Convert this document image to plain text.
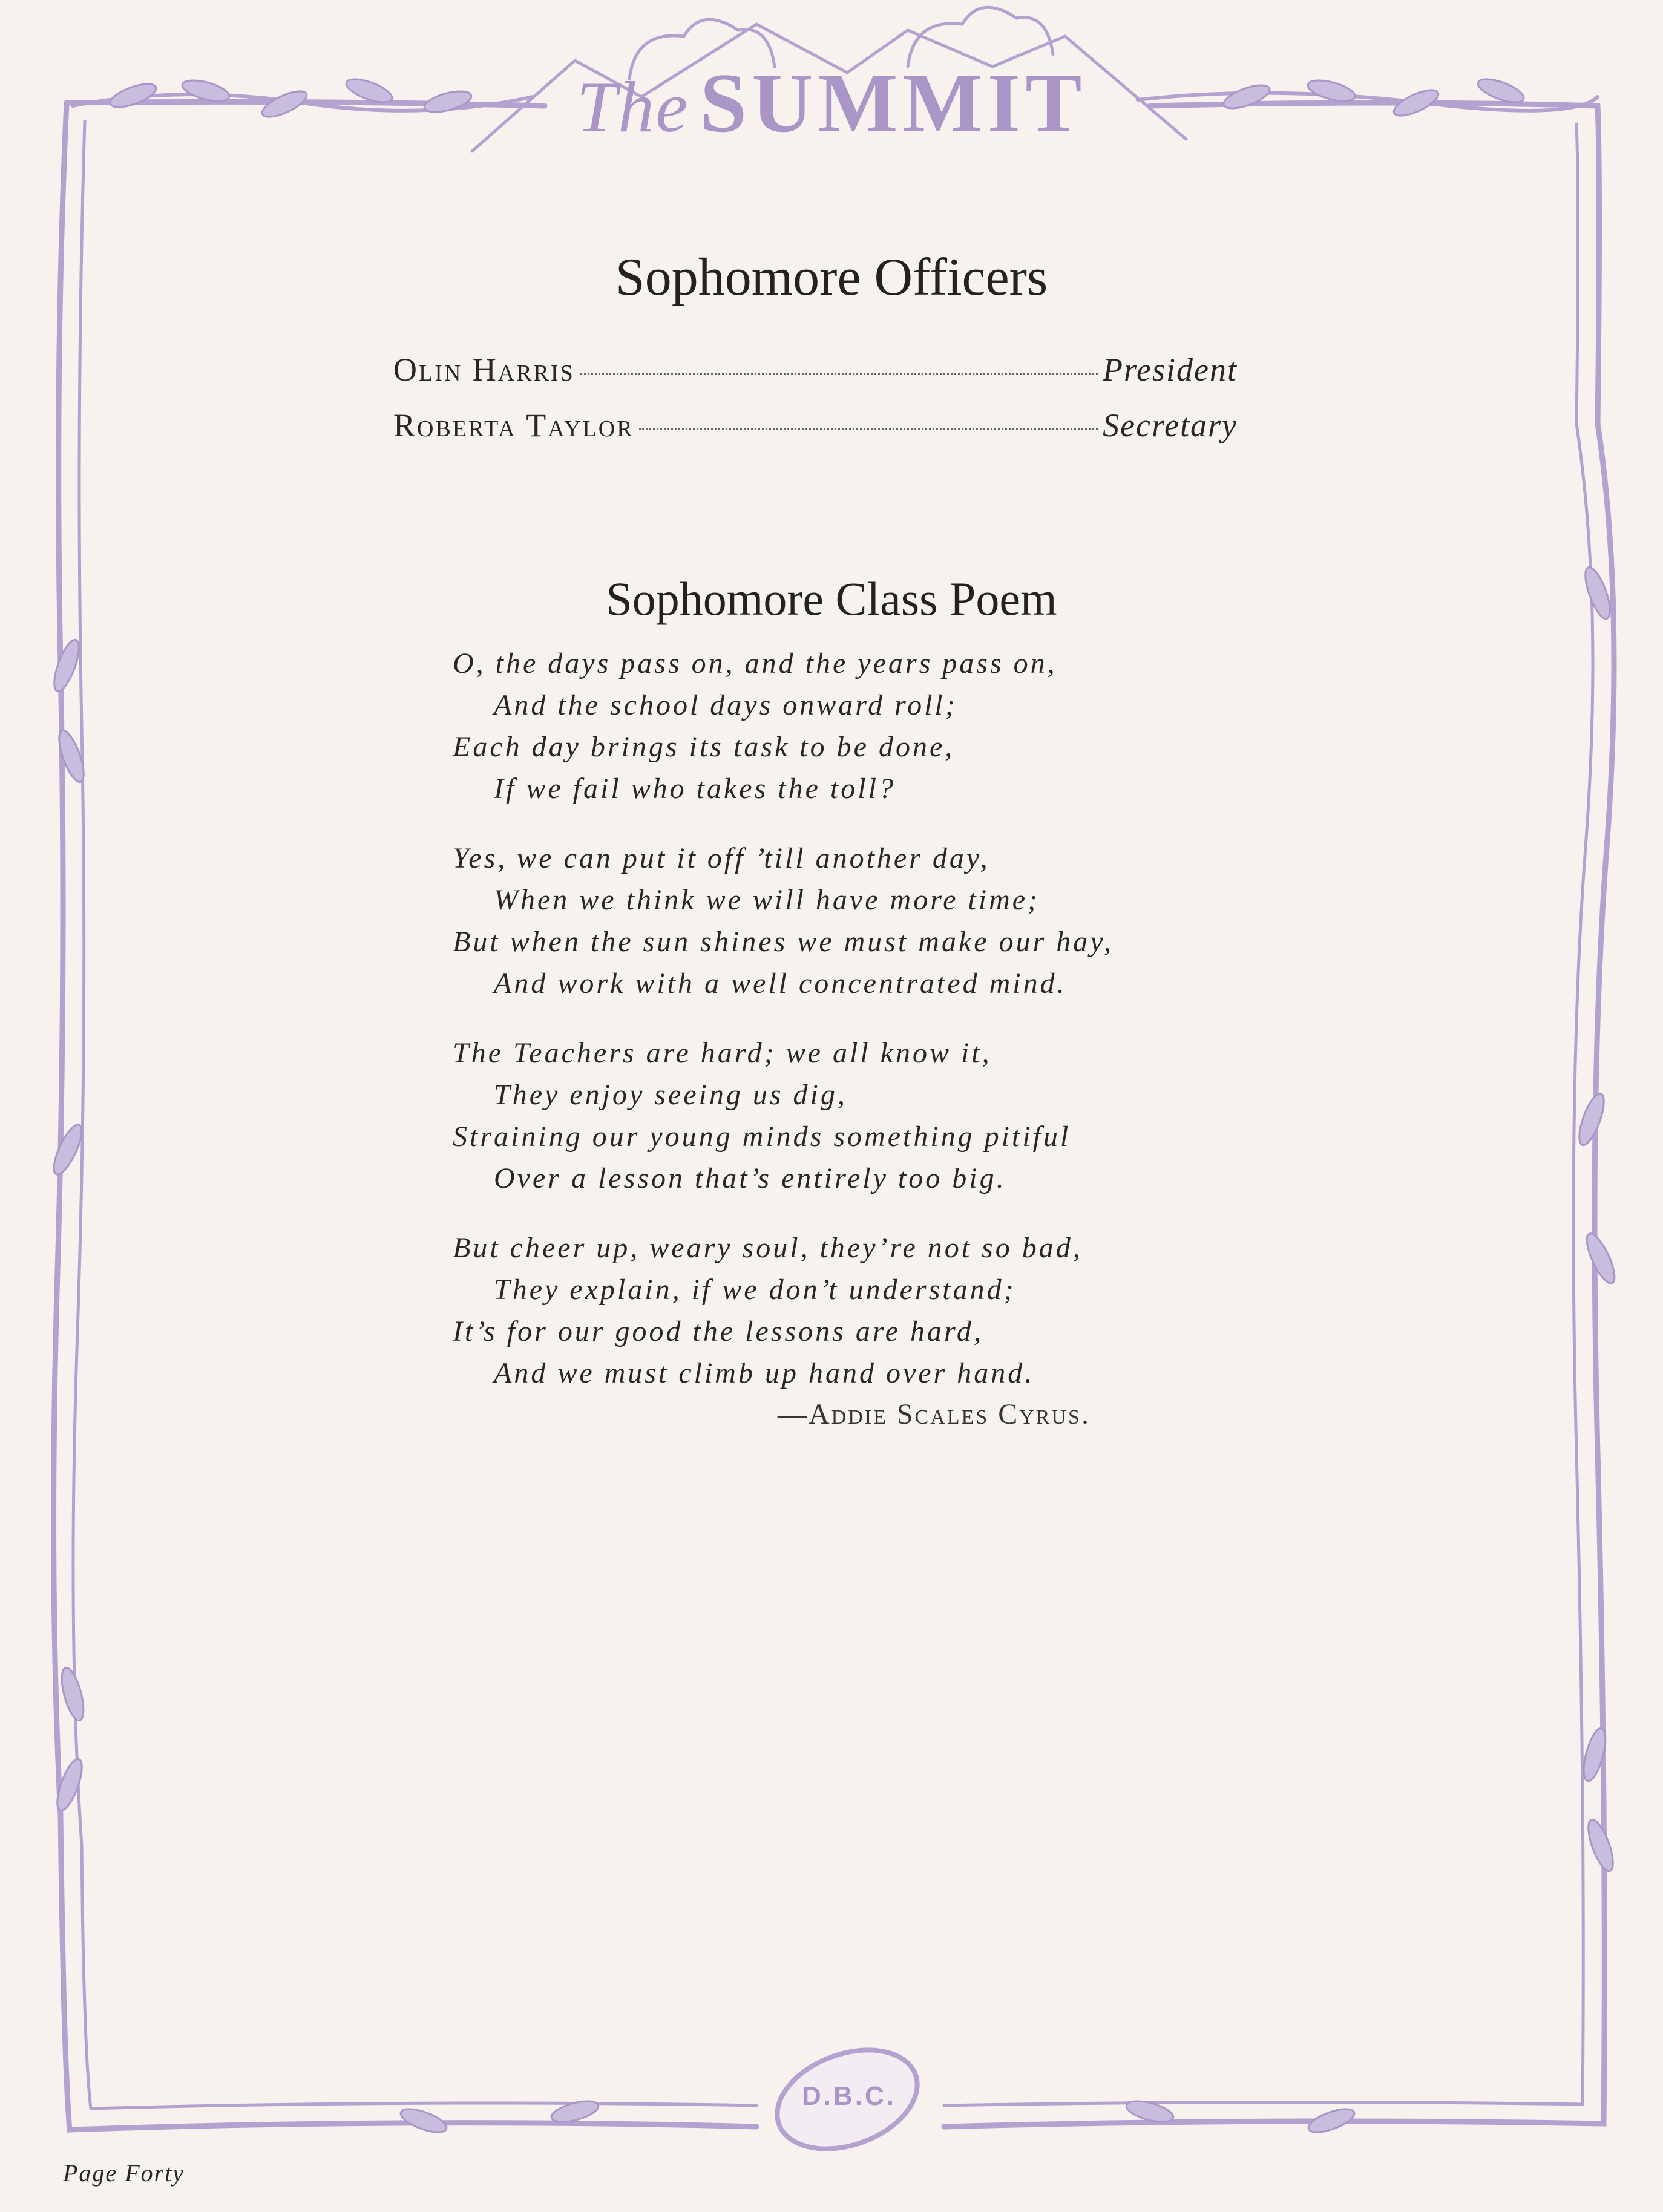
The SUMMIT
Sophomore Officers
Olin Harris	President
Roberta Taylor	Secretary
Sophomore Class Poem
O, the days pass on, and the years pass on,
And the school days onward roll;
Each day brings its task to be done,
If we fail who takes the toll?
Yes, we can put it off ’till another day,
When we think we will have more time;
But when the sun shines we must make our hay,
And work with a well concentrated mind.
The Teachers are hard; we all know it,
They enjoy seeing us dig,
Straining our young minds something pitiful
Over a lesson that’s entirely too big.
But cheer up, weary soul, they’re not so bad,
They explain, if we don’t understand;
It’s for our good the lessons are hard,
And we must climb up hand over hand.
—Addie Scales Cyrus.
D.B.C.
Page Forty
